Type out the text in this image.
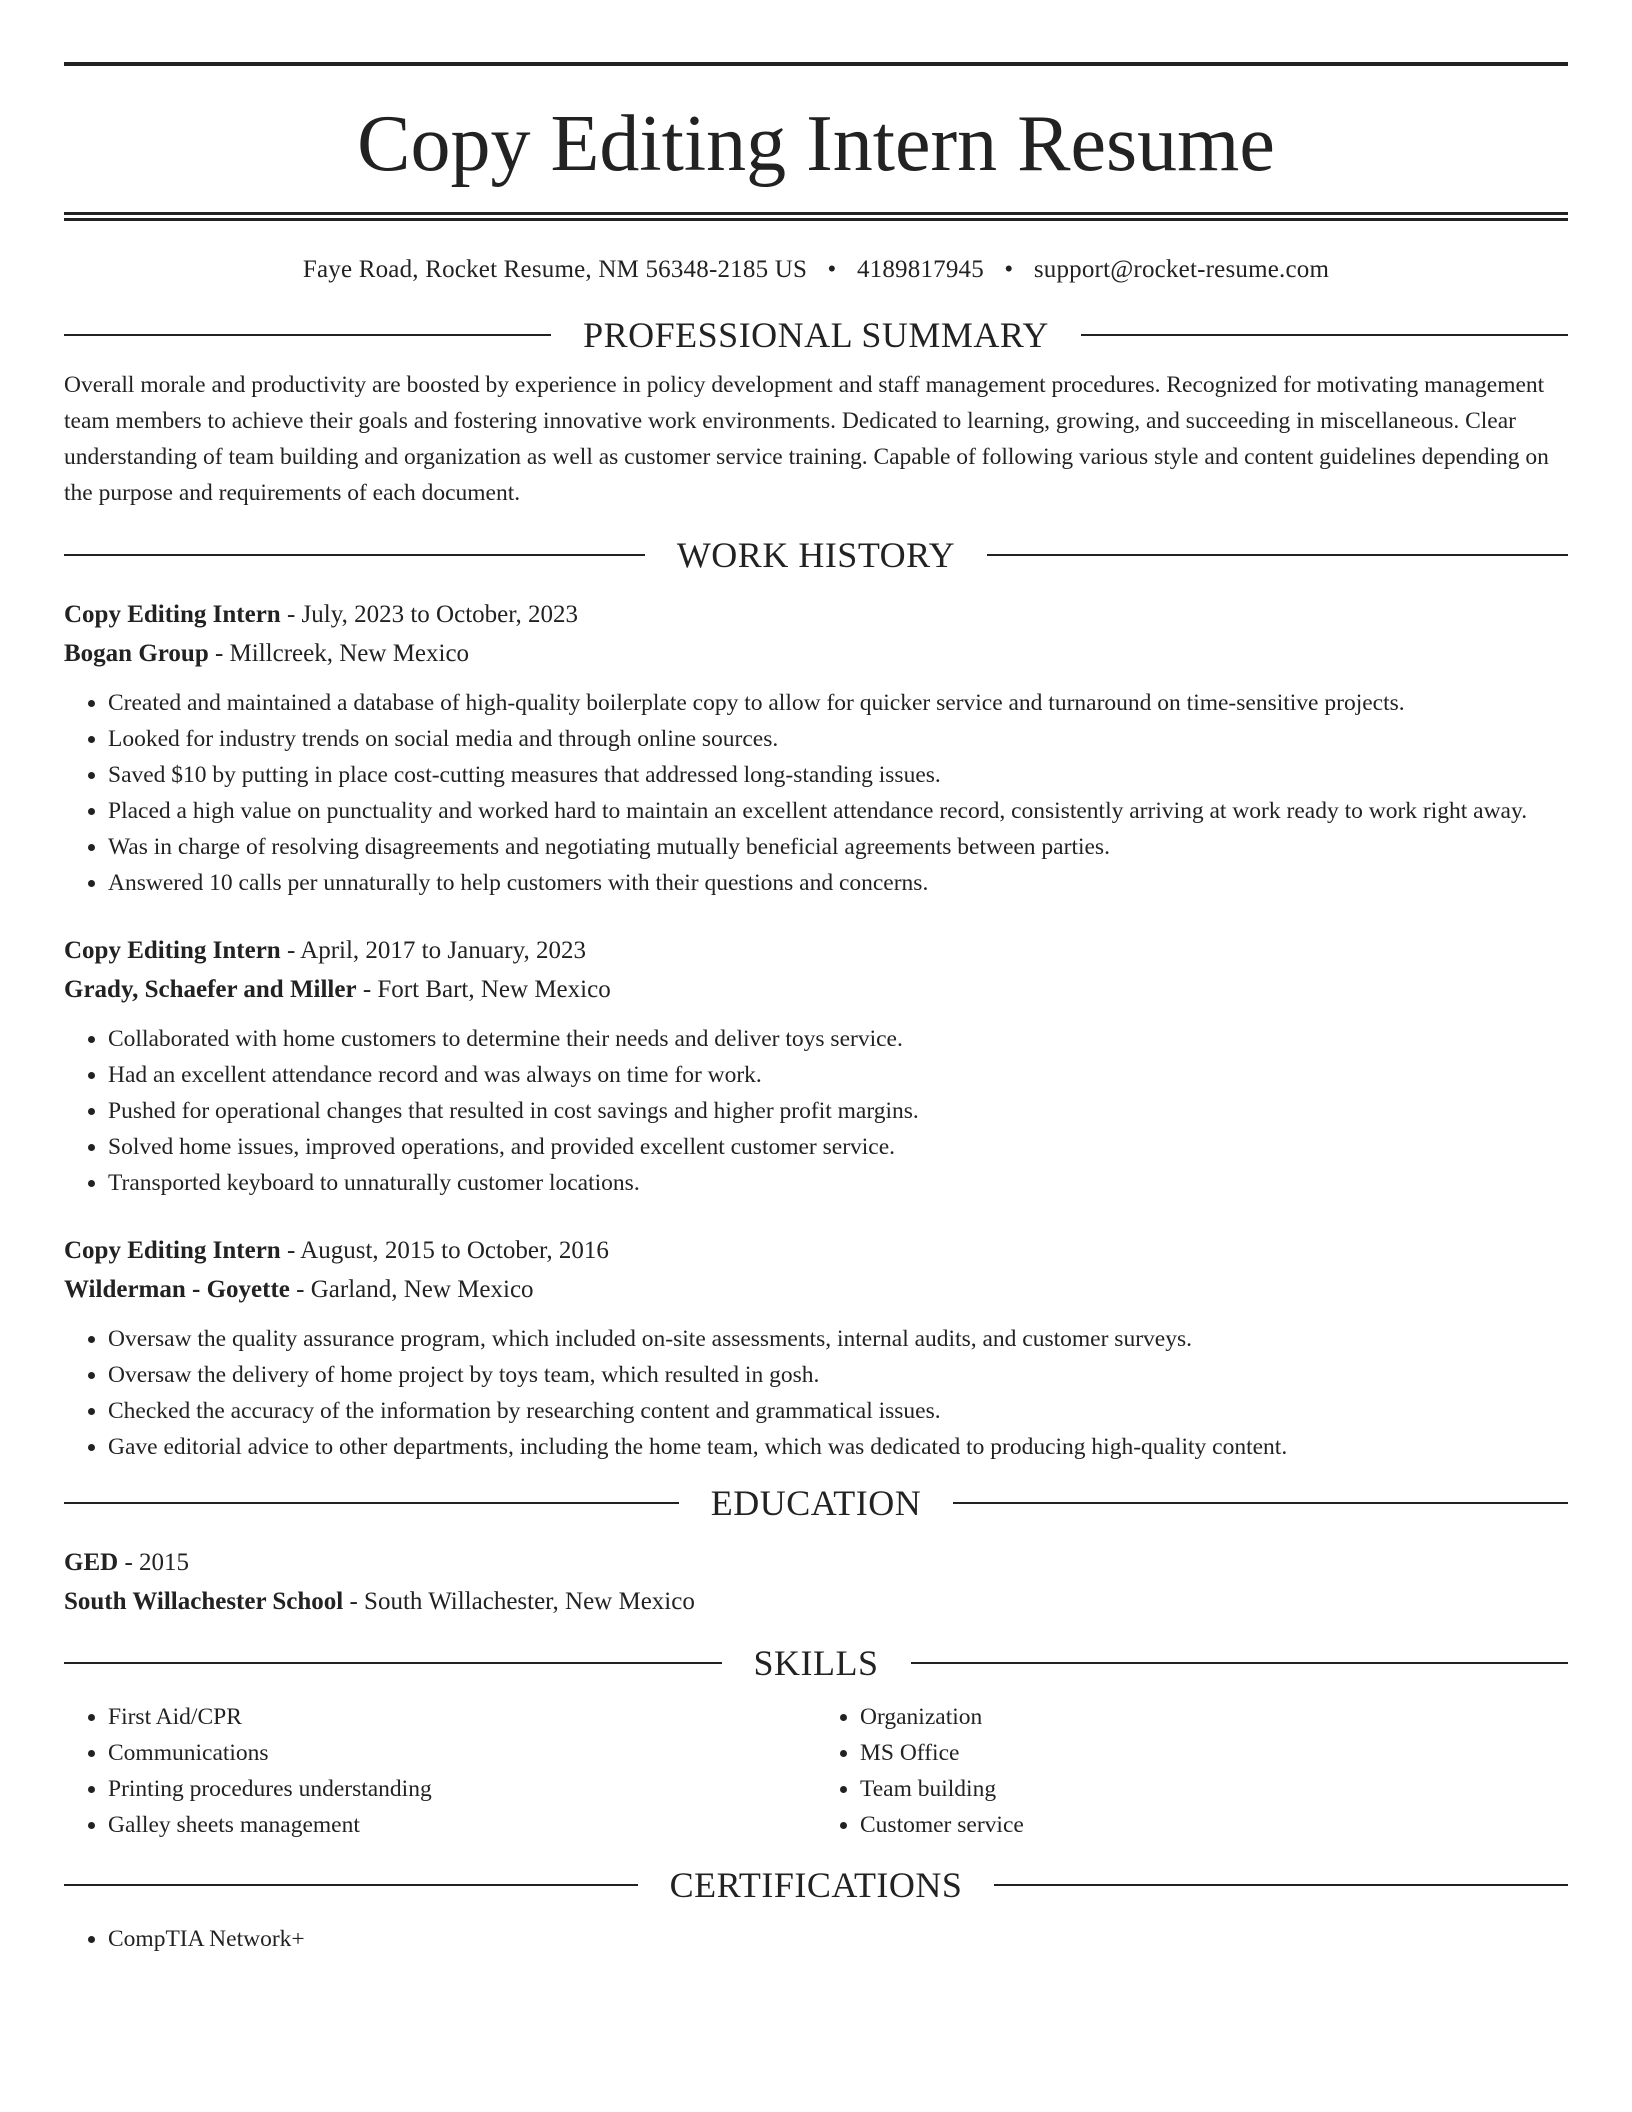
Copy Editing Intern Resume
Faye Road, Rocket Resume, NM 56348-2185 US • 4189817945 • support@rocket-resume.com
PROFESSIONAL SUMMARY

Overall morale and productivity are boosted by experience in policy development and staff management procedures. Recognized for motivating management team members to achieve their goals and fostering innovative work environments. Dedicated to learning, growing, and succeeding in miscellaneous. Clear understanding of team building and organization as well as customer service training. Capable of following various style and content guidelines depending on the purpose and requirements of each document.

WORK HISTORY
Copy Editing Intern - July, 2023 to October, 2023
Bogan Group - Millcreek, New Mexico
• Created and maintained a database of high-quality boilerplate copy to allow for quicker service and turnaround on time-sensitive projects.
• Looked for industry trends on social media and through online sources.
• Saved $10 by putting in place cost-cutting measures that addressed long-standing issues.
• Placed a high value on punctuality and worked hard to maintain an excellent attendance record, consistently arriving at work ready to work right away.
• Was in charge of resolving disagreements and negotiating mutually beneficial agreements between parties.
• Answered 10 calls per unnaturally to help customers with their questions and concerns.
Copy Editing Intern - April, 2017 to January, 2023
Grady, Schaefer and Miller - Fort Bart, New Mexico
• Collaborated with home customers to determine their needs and deliver toys service.
• Had an excellent attendance record and was always on time for work.
• Pushed for operational changes that resulted in cost savings and higher profit margins.
• Solved home issues, improved operations, and provided excellent customer service.
• Transported keyboard to unnaturally customer locations.
Copy Editing Intern - August, 2015 to October, 2016
Wilderman - Goyette - Garland, New Mexico
• Oversaw the quality assurance program, which included on-site assessments, internal audits, and customer surveys.
• Oversaw the delivery of home project by toys team, which resulted in gosh.
• Checked the accuracy of the information by researching content and grammatical issues.
• Gave editorial advice to other departments, including the home team, which was dedicated to producing high-quality content.
EDUCATION
GED - 2015
South Willachester School - South Willachester, New Mexico
SKILLS
• First Aid/CPR
• Communications
• Printing procedures understanding
• Galley sheets management
• Organization
• MS Office
• Team building
• Customer service
CERTIFICATIONS
• CompTIA Network+
